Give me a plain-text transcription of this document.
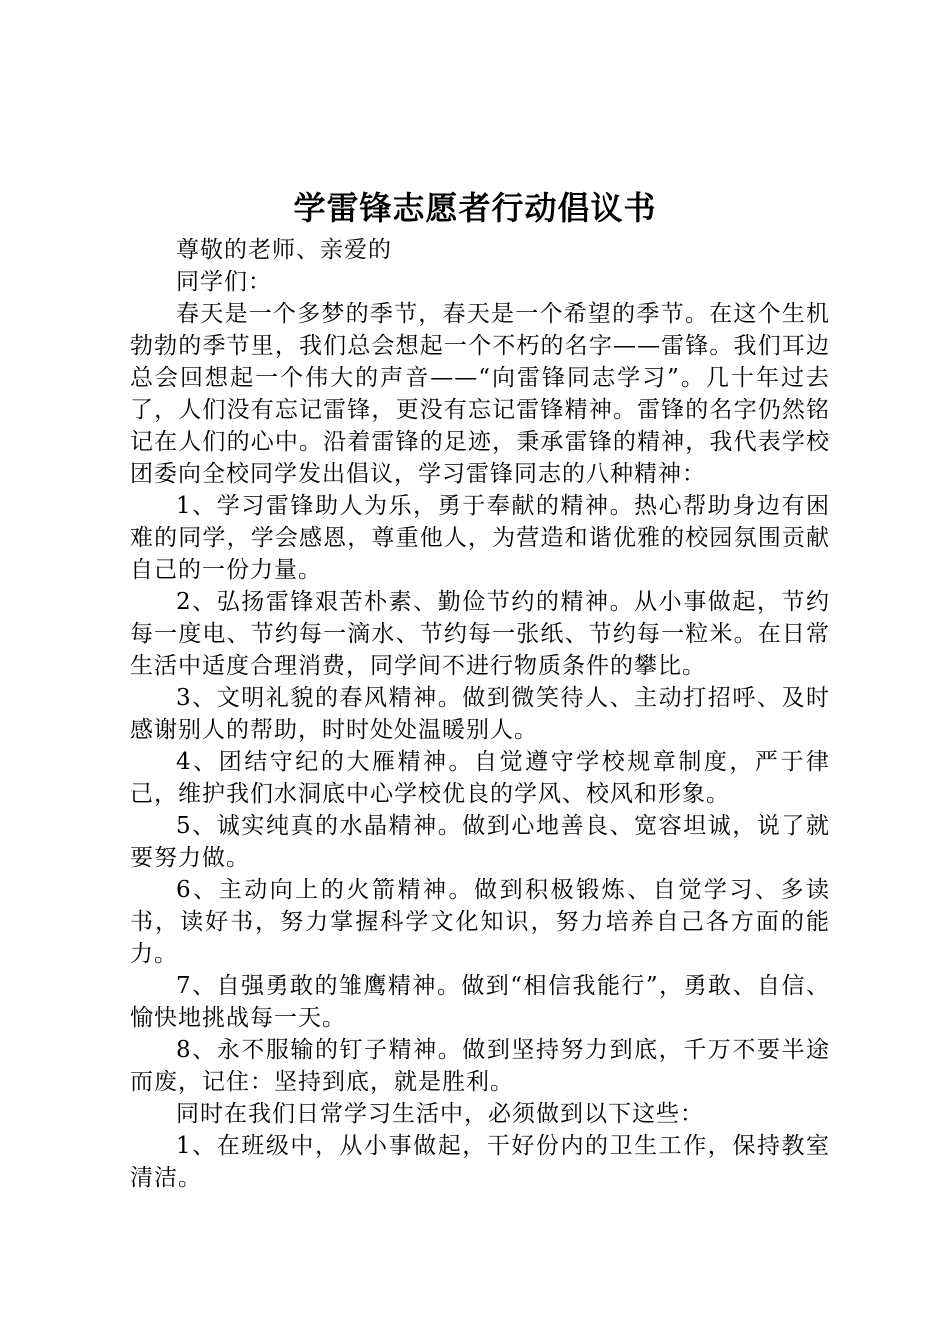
学雷锋志愿者行动倡议书

尊敬的老师、亲爱的

同学们：

春天是一个多梦的季节，春天是一个希望的季节。在这个生机勃勃的季节里，我们总会想起一个不朽的名字——雷锋。我们耳边总会回想起一个伟大的声音——“向雷锋同志学习”。几十年过去了，人们没有忘记雷锋，更没有忘记雷锋精神。雷锋的名字仍然铭记在人们的心中。沿着雷锋的足迹，秉承雷锋的精神，我代表学校团委向全校同学发出倡议，学习雷锋同志的八种精神：

1、学习雷锋助人为乐，勇于奉献的精神。热心帮助身边有困难的同学，学会感恩，尊重他人，为营造和谐优雅的校园氛围贡献自己的一份力量。

2、弘扬雷锋艰苦朴素、勤俭节约的精神。从小事做起，节约每一度电、节约每一滴水、节约每一张纸、节约每一粒米。在日常生活中适度合理消费，同学间不进行物质条件的攀比。

3、文明礼貌的春风精神。做到微笑待人、主动打招呼、及时感谢别人的帮助，时时处处温暖别人。

4、团结守纪的大雁精神。自觉遵守学校规章制度，严于律己，维护我们水洞底中心学校优良的学风、校风和形象。

5、诚实纯真的水晶精神。做到心地善良、宽容坦诚，说了就要努力做。

6、主动向上的火箭精神。做到积极锻炼、自觉学习、多读书，读好书，努力掌握科学文化知识，努力培养自己各方面的能力。

7、自强勇敢的雏鹰精神。做到“相信我能行”，勇敢、自信、愉快地挑战每一天。

8、永不服输的钉子精神。做到坚持努力到底，千万不要半途而废，记住：坚持到底，就是胜利。

同时在我们日常学习生活中，必须做到以下这些：

1、在班级中，从小事做起，干好份内的卫生工作，保持教室清洁。
